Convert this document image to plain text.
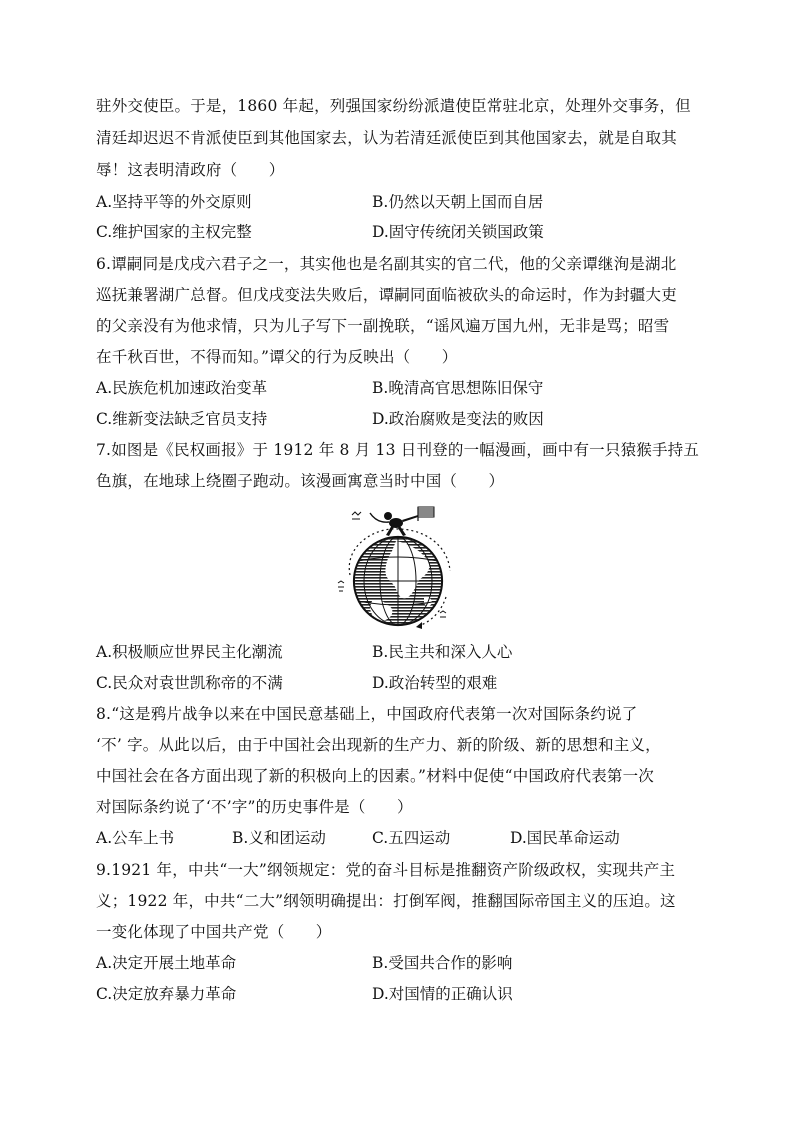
驻外交使臣。于是，1860 年起，列强国家纷纷派遣使臣常驻北京，处理外交事务，但
清廷却迟迟不肯派使臣到其他国家去，认为若清廷派使臣到其他国家去，就是自取其
辱！这表明清政府（　　）
A.坚持平等的外交原则	B.仍然以天朝上国而自居
C.维护国家的主权完整	D.固守传统闭关锁国政策
6.谭嗣同是戊戌六君子之一，其实他也是名副其实的官二代，他的父亲谭继洵是湖北
巡抚兼署湖广总督。但戊戌变法失败后，谭嗣同面临被砍头的命运时，作为封疆大吏
的父亲没有为他求情，只为儿子写下一副挽联，“谣风遍万国九州，无非是骂；昭雪
在千秋百世，不得而知。”谭父的行为反映出（　　）
A.民族危机加速政治变革	B.晚清高官思想陈旧保守
C.维新变法缺乏官员支持	D.政治腐败是变法的败因
7.如图是《民权画报》于 1912 年 8 月 13 日刊登的一幅漫画，画中有一只猿猴手持五
色旗，在地球上绕圈子跑动。该漫画寓意当时中国（　　）
A.积极顺应世界民主化潮流	B.民主共和深入人心
C.民众对袁世凯称帝的不满	D.政治转型的艰难
8.“这是鸦片战争以来在中国民意基础上，中国政府代表第一次对国际条约说了
‘不’ 字。从此以后，由于中国社会出现新的生产力、新的阶级、新的思想和主义，
中国社会在各方面出现了新的积极向上的因素。”材料中促使“中国政府代表第一次
对国际条约说了‘不’字”的历史事件是（　　）
A.公车上书	B.义和团运动	C.五四运动	D.国民革命运动
9.1921 年，中共“一大”纲领规定：党的奋斗目标是推翻资产阶级政权，实现共产主
义；1922 年，中共“二大”纲领明确提出：打倒军阀，推翻国际帝国主义的压迫。这
一变化体现了中国共产党（　　）
A.决定开展土地革命	B.受国共合作的影响
C.决定放弃暴力革命	D.对国情的正确认识
